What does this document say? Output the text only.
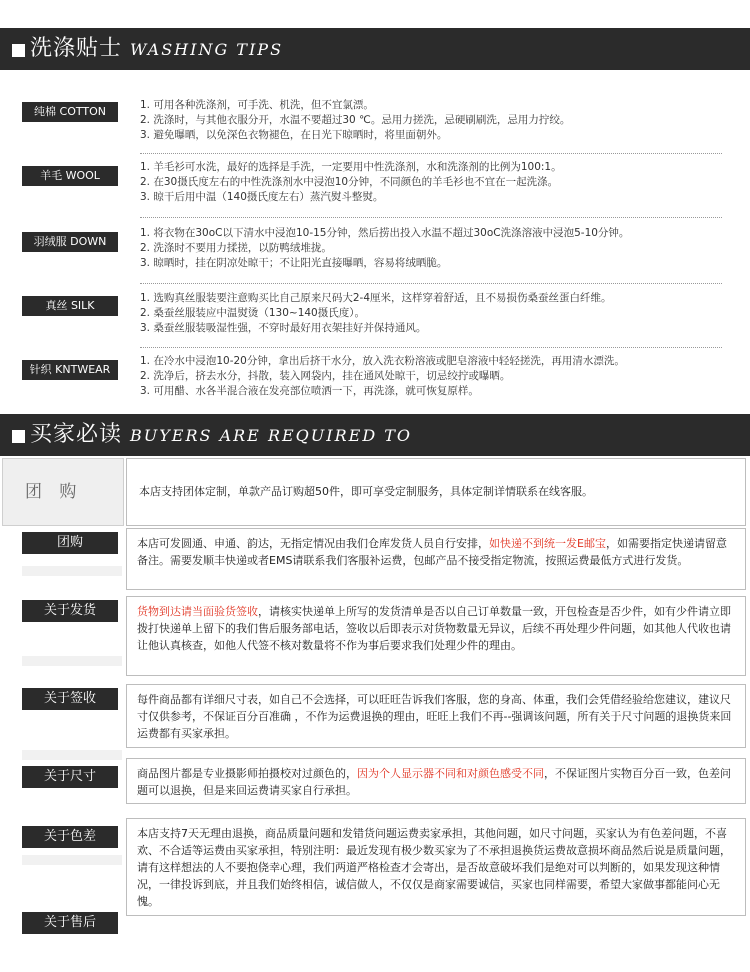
洗涤贴士 WASHING TIPS
纯棉 COTTON	1. 可用各种洗涤剂，可手洗、机洗，但不宜氯漂。
2. 洗涤时，与其他衣服分开，水温不要超过30 ℃。忌用力搓洗，忌硬刷刷洗，忌用力拧绞。
3. 避免曝晒，以免深色衣物褪色，在日光下晾晒时，将里面朝外。
羊毛 WOOL
1. 羊毛衫可水洗，最好的选择是手洗，一定要用中性洗涤剂，水和洗涤剂的比例为100:1。
2. 在30摄氏度左右的中性洗涤剂水中浸泡10分钟，不同颜色的羊毛衫也不宜在一起洗涤。
3. 晾干后用中温（140摄氏度左右）蒸汽熨斗整熨。
羽绒服 DOWN
1. 将衣物在30oC以下清水中浸泡10-15分钟，然后捞出投入水温不超过30oC洗涤溶液中浸泡5-10分钟。
2. 洗涤时不要用力揉搓，以防鸭绒堆拢。
3. 晾晒时，挂在阴凉处晾干；不让阳光直接曝晒，容易将绒晒脆。
真丝 SILK
1. 选购真丝服装要注意购买比自己原来尺码大2-4厘米，这样穿着舒适，且不易损伤桑蚕丝蛋白纤维。
2. 桑蚕丝服装应中温熨烫（130~140摄氏度）。
3. 桑蚕丝服装吸湿性强，不穿时最好用衣架挂好并保持通风。
针织 KNTWEAR
1. 在冷水中浸泡10-20分钟，拿出后挤干水分，放入洗衣粉溶液或肥皂溶液中轻轻搓洗，再用清水漂洗。
2. 洗净后，挤去水分，抖散，装入网袋内，挂在通风处晾干，切忌绞拧或曝晒。
3. 可用醋、水各半混合液在发亮部位喷洒一下，再洗涤，就可恢复原样。
买家必读 BUYERS ARE REQUIRED TO
团 购	本店支持团体定制，单款产品订购超50件，即可享受定制服务，具体定制详情联系在线客服。
团购	本店可发圆通、申通、韵达，无指定情况由我们仓库发货人员自行安排，如快递不到统一发E邮宝，如需要指定快递请留意备注。需要发顺丰快递或者EMS请联系我们客服补运费，包邮产品不接受指定物流，按照运费最低方式进行发货。
关于发货	货物到达请当面验货签收，请核实快递单上所写的发货清单是否以自己订单数量一致，开包检查是否少件，如有少件请立即拨打快递单上留下的我们售后服务部电话，签收以后即表示对货物数量无异议，后续不再处理少件问题，如其他人代收也请让他认真核查，如他人代签不核对数量将不作为事后要求我们处理少件的理由。
关于签收	每件商品都有详细尺寸表，如自己不会选择，可以旺旺告诉我们客服，您的身高、体重，我们会凭借经验给您建议，建议尺寸仅供参考，不保证百分百准确 ，不作为运费退换的理由，旺旺上我们不再--强调该问题，所有关于尺寸问题的退换货来回运费都有买家承担。
关于尺寸	商品图片都是专业摄影师拍摄校对过颜色的，因为个人显示器不同和对颜色感受不同，不保证图片实物百分百一致，色差问题可以退换，但是来回运费请买家自行承担。
关于色差	本店支持7天无理由退换，商品质量问题和发错货问题运费卖家承担，其他问题，如尺寸问题，买家认为有色差问题，不喜欢、不合适等运费由买家承担，特别注明：最近发现有极少数买家为了不承担退换货运费故意损坏商品然后说是质量问题，请有这样想法的人不要抱侥幸心理，我们两道严格检查才会寄出，是否故意破坏我们是绝对可以判断的，如果发现这种情况，一律投诉到底，并且我们始终相信，诚信做人，不仅仅是商家需要诚信，买家也同样需要，希望大家做事都能问心无愧。
关于售后
